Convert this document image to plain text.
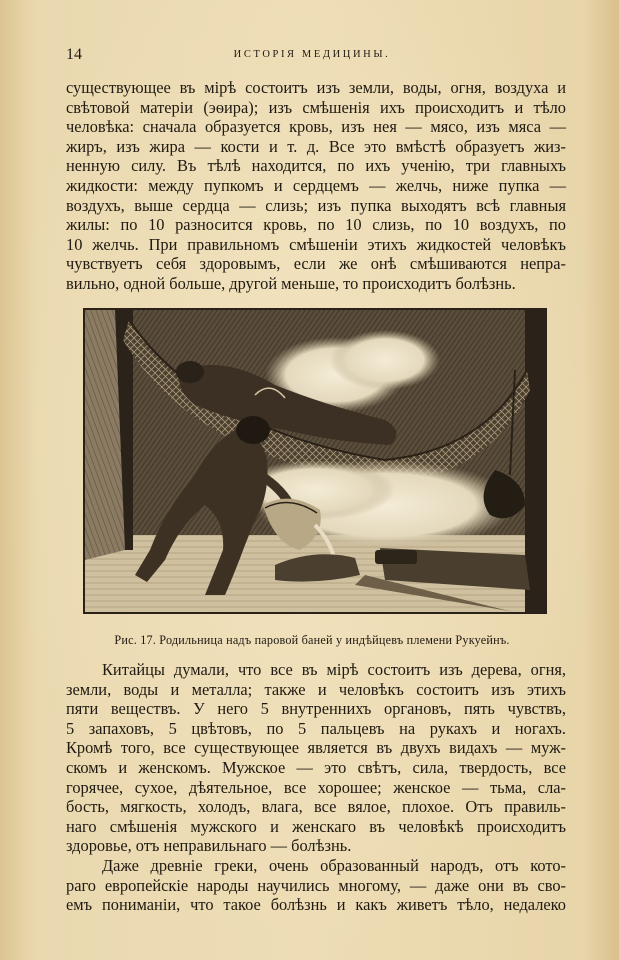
14	ИСТОРІЯ МЕДИЦИНЫ.
существующее въ мірѣ состоитъ изъ земли, воды, огня, воздуха и
свѣтовой матеріи (эѳира); изъ смѣшенія ихъ происходитъ и тѣло
человѣка: сначала образуется кровь, изъ нея — мясо, изъ мяса —
жиръ, изъ жира — кости и т. д. Все это вмѣстѣ образуетъ жиз-
ненную силу. Въ тѣлѣ находится, по ихъ ученію, три главныхъ
жидкости: между пупкомъ и сердцемъ — желчь, ниже пупка —
воздухъ, выше сердца — слизь; изъ пупка выходятъ всѣ главныя
жилы: по 10 разносится кровь, по 10 слизь, по 10 воздухъ, по
10 желчь. При правильномъ смѣшеніи этихъ жидкостей человѣкъ
чувствуетъ себя здоровымъ, если же онѣ смѣшиваются непра-
вильно, одной больше, другой меньше, то происходитъ болѣзнь.
Рис. 17. Родильница надъ паровой баней у индѣйцевъ племени Рукуейнъ.
Китайцы думали, что все въ мірѣ состоитъ изъ дерева, огня,
земли, воды и металла; также и человѣкъ состоитъ изъ этихъ
пяти веществъ. У него 5 внутреннихъ органовъ, пять чувствъ,
5 запаховъ, 5 цвѣтовъ, по 5 пальцевъ на рукахъ и ногахъ.
Кромѣ того, все существующее является въ двухъ видахъ — муж-
скомъ и женскомъ. Мужское — это свѣтъ, сила, твердость, все
горячее, сухое, дѣятельное, все хорошее; женское — тьма, сла-
бость, мягкость, холодъ, влага, все вялое, плохое. Отъ правиль-
наго смѣшенія мужского и женскаго въ человѣкѣ происходитъ
здоровье, отъ неправильнаго — болѣзнь.
Даже древніе греки, очень образованный народъ, отъ кото-
раго европейскіе народы научились многому, — даже они въ сво-
емъ пониманіи, что такое болѣзнь и какъ живетъ тѣло, недалеко
